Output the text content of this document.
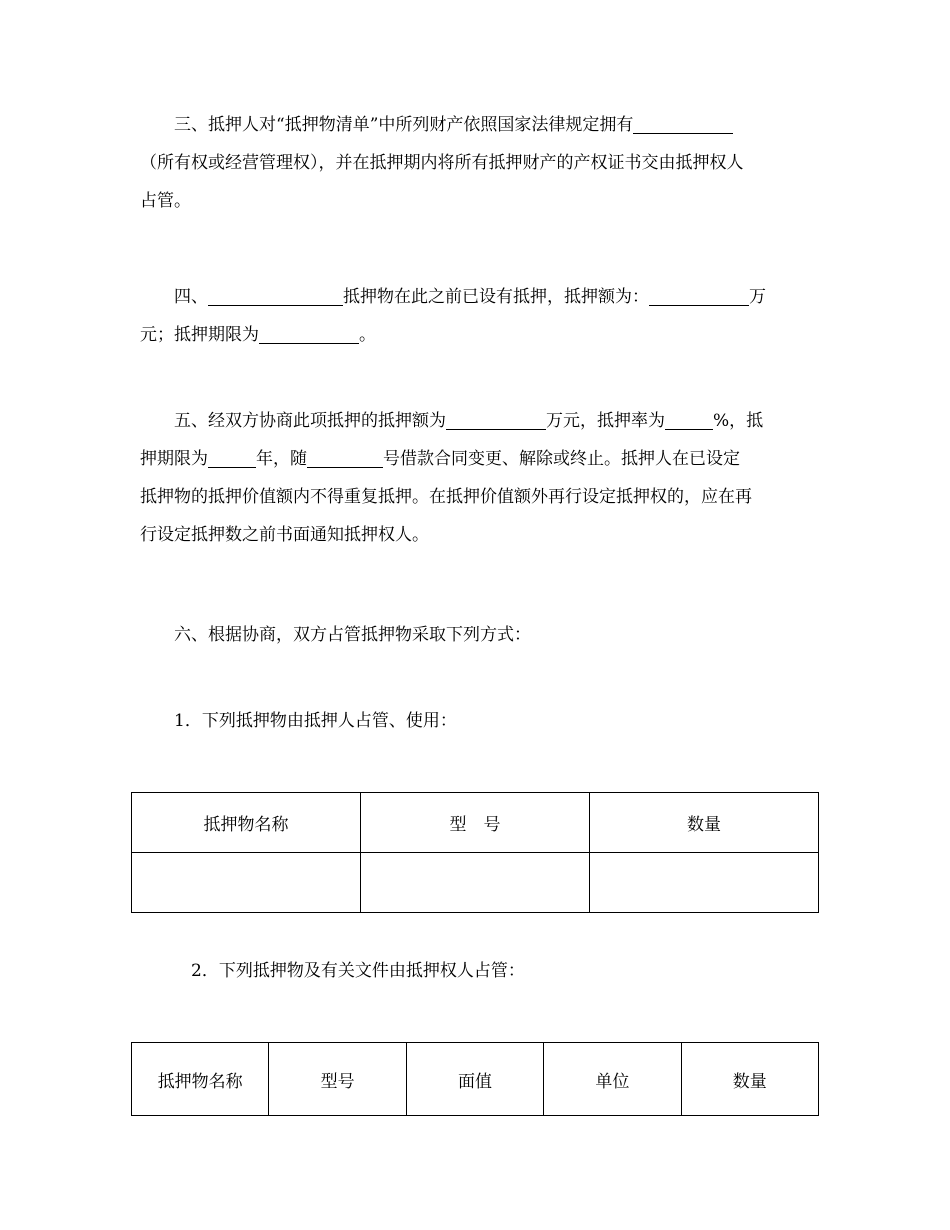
　　三、抵押人对“抵押物清单”中所列财产依照国家法律规定拥有
（所有权或经营管理权），并在抵押期内将所有抵押财产的产权证书交由抵押权人
占管。
　　四、	抵押物在此之前已设有抵押，抵押额为：	万
元；抵押期限为	。
　　五、经双方协商此项抵押的抵押额为	万元，抵押率为	%，抵
押期限为	年，随	号借款合同变更、解除或终止。抵押人在已设定
抵押物的抵押价值额内不得重复抵押。在抵押价值额外再行设定抵押权的，应在再
行设定抵押数之前书面通知抵押权人。
　　六、根据协商，双方占管抵押物采取下列方式：
　　1．下列抵押物由抵押人占管、使用：
抵押物名称	型　号	数量

　　　2．下列抵押物及有关文件由抵押权人占管：
抵押物名称	型号	面值	单位	数量
